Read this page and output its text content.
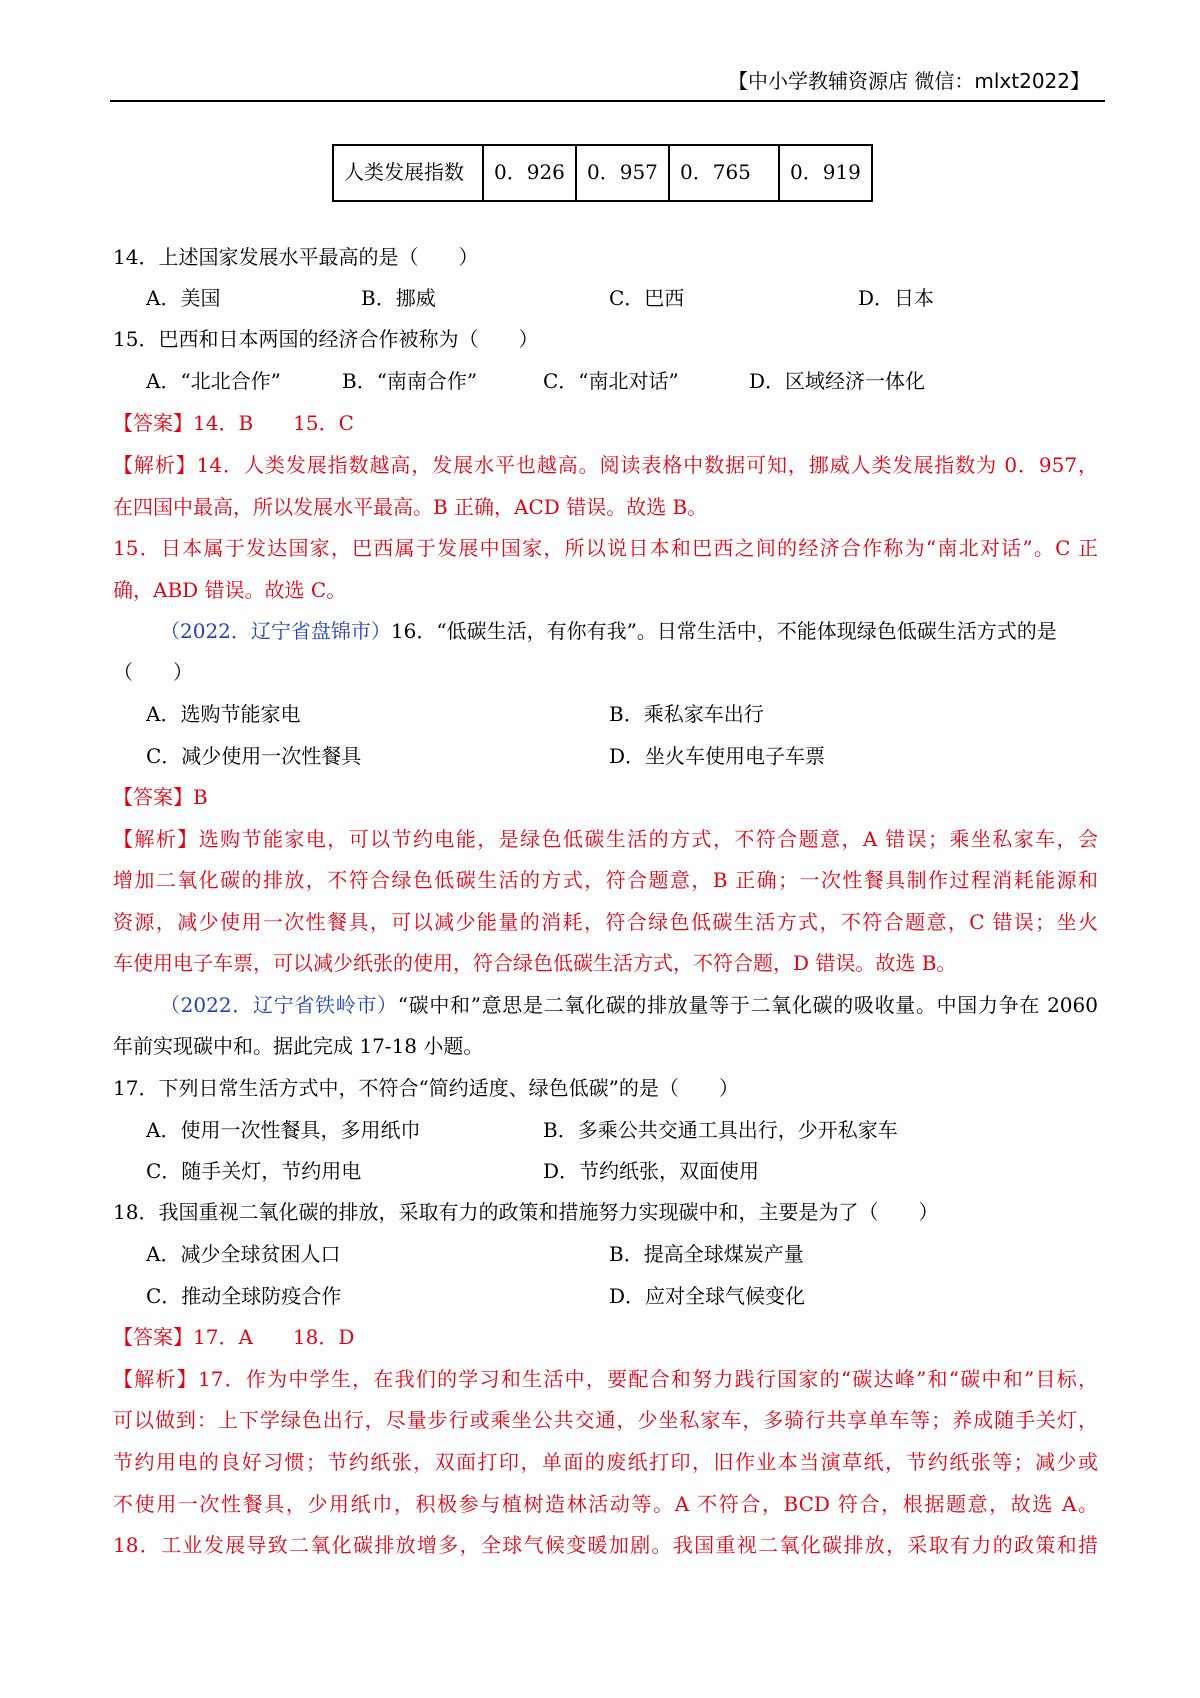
【中小学教辅资源店 微信：mlxt2022】
人类发展指数	0．926	0．957	0．765	0．919
14．上述国家发展水平最高的是（　　）
A．美国	B．挪威	C．巴西	D．日本
15．巴西和日本两国的经济合作被称为（　　）
A．“北北合作”	B．“南南合作”	C．“南北对话”	D．区域经济一体化
【答案】14．B　　15．C
【解析】14．人类发展指数越高，发展水平也越高。阅读表格中数据可知，挪威人类发展指数为 0．957，
在四国中最高，所以发展水平最高。B 正确，ACD 错误。故选 B。
15．日本属于发达国家，巴西属于发展中国家，所以说日本和巴西之间的经济合作称为“南北对话”。C 正
确，ABD 错误。故选 C。
（2022．辽宁省盘锦市）16．“低碳生活，有你有我”。日常生活中，不能体现绿色低碳生活方式的是
（　　）
A．选购节能家电	B．乘私家车出行
C．减少使用一次性餐具	D．坐火车使用电子车票
【答案】B
【解析】选购节能家电，可以节约电能，是绿色低碳生活的方式，不符合题意，A 错误；乘坐私家车，会
增加二氧化碳的排放，不符合绿色低碳生活的方式，符合题意，B 正确；一次性餐具制作过程消耗能源和
资源，减少使用一次性餐具，可以减少能量的消耗，符合绿色低碳生活方式，不符合题意，C 错误；坐火
车使用电子车票，可以减少纸张的使用，符合绿色低碳生活方式，不符合题，D 错误。故选 B。
（2022．辽宁省铁岭市）“碳中和”意思是二氧化碳的排放量等于二氧化碳的吸收量。中国力争在 2060
年前实现碳中和。据此完成 17-18 小题。
17．下列日常生活方式中，不符合“简约适度、绿色低碳”的是（　　）
A．使用一次性餐具，多用纸巾	B．多乘公共交通工具出行，少开私家车
C．随手关灯，节约用电	D．节约纸张，双面使用
18．我国重视二氧化碳的排放，采取有力的政策和措施努力实现碳中和，主要是为了（　　）
A．减少全球贫困人口	B．提高全球煤炭产量
C．推动全球防疫合作	D．应对全球气候变化
【答案】17．A　　18．D
【解析】17．作为中学生，在我们的学习和生活中，要配合和努力践行国家的“碳达峰”和“碳中和”目标，
可以做到：上下学绿色出行，尽量步行或乘坐公共交通，少坐私家车，多骑行共享单车等；养成随手关灯，
节约用电的良好习惯；节约纸张，双面打印，单面的废纸打印，旧作业本当演草纸，节约纸张等；减少或
不使用一次性餐具，少用纸巾，积极参与植树造林活动等。A 不符合，BCD 符合，根据题意，故选 A。
18．工业发展导致二氧化碳排放增多，全球气候变暖加剧。我国重视二氧化碳排放，采取有力的政策和措
